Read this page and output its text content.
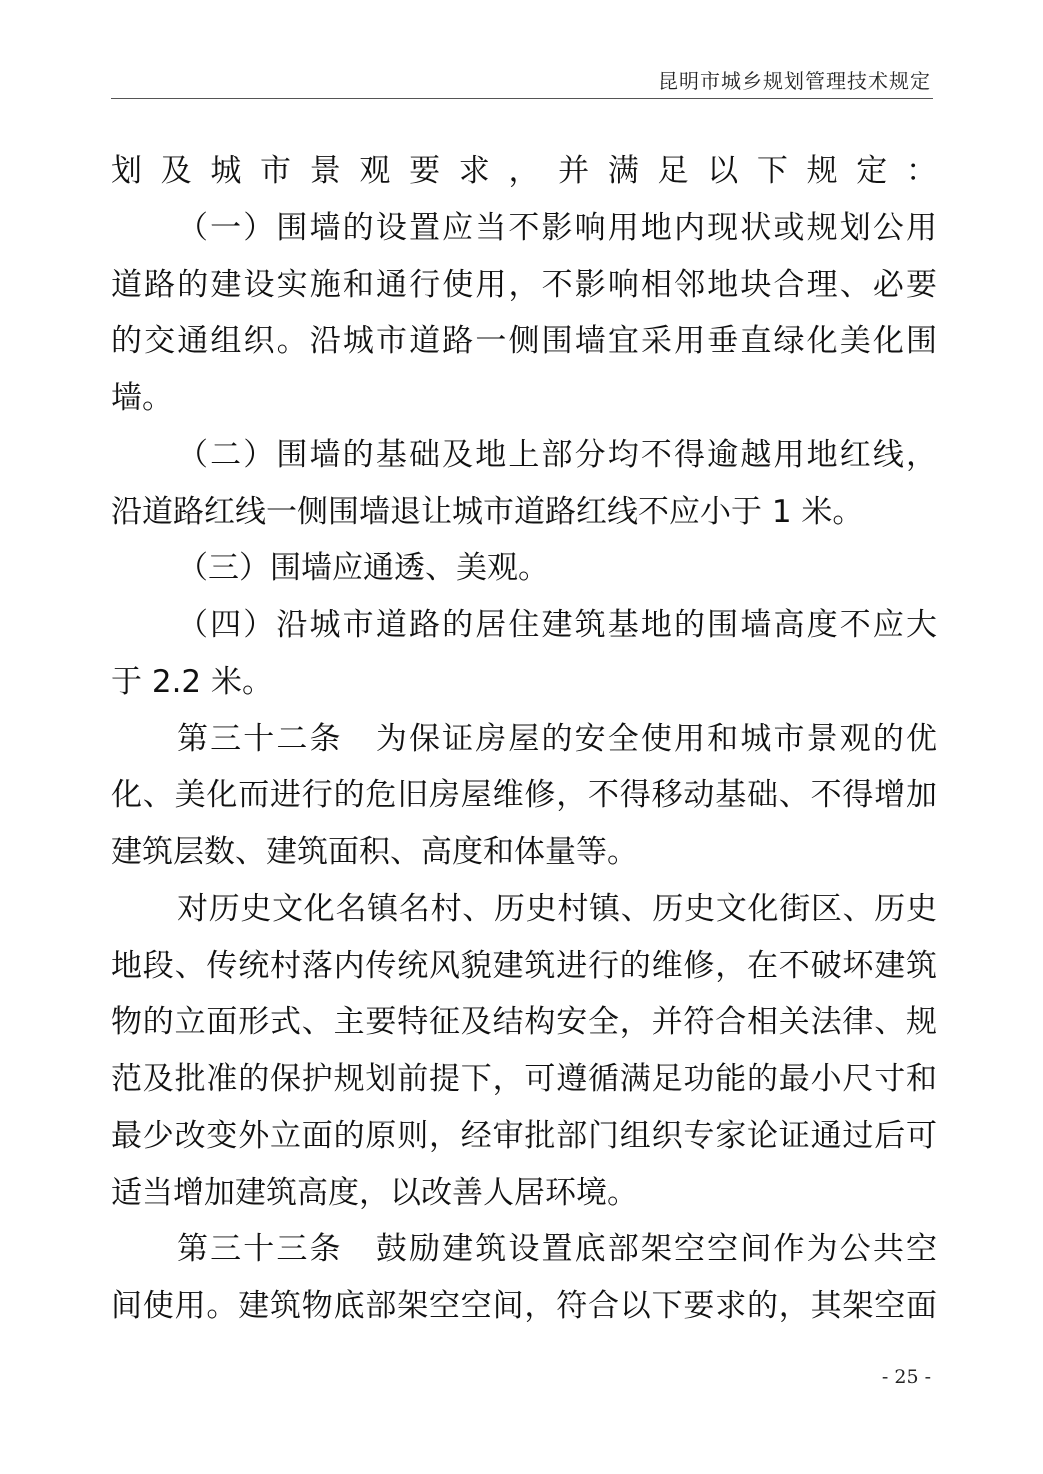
昆明市城乡规划管理技术规定
划及城市景观要求，并满足以下规定：
（一）围墙的设置应当不影响用地内现状或规划公用
道路的建设实施和通行使用，不影响相邻地块合理、必要
的交通组织。沿城市道路一侧围墙宜采用垂直绿化美化围
墙。
（二）围墙的基础及地上部分均不得逾越用地红线，
沿道路红线一侧围墙退让城市道路红线不应小于 1 米。
（三）围墙应通透、美观。
（四）沿城市道路的居住建筑基地的围墙高度不应大
于 2.2 米。
第三十二条　为保证房屋的安全使用和城市景观的优
化、美化而进行的危旧房屋维修，不得移动基础、不得增加
建筑层数、建筑面积、高度和体量等。
对历史文化名镇名村、历史村镇、历史文化街区、历史
地段、传统村落内传统风貌建筑进行的维修，在不破坏建筑
物的立面形式、主要特征及结构安全，并符合相关法律、规
范及批准的保护规划前提下，可遵循满足功能的最小尺寸和
最少改变外立面的原则，经审批部门组织专家论证通过后可
适当增加建筑高度，以改善人居环境。
第三十三条　鼓励建筑设置底部架空空间作为公共空
间使用。建筑物底部架空空间，符合以下要求的，其架空面
- 25 -
